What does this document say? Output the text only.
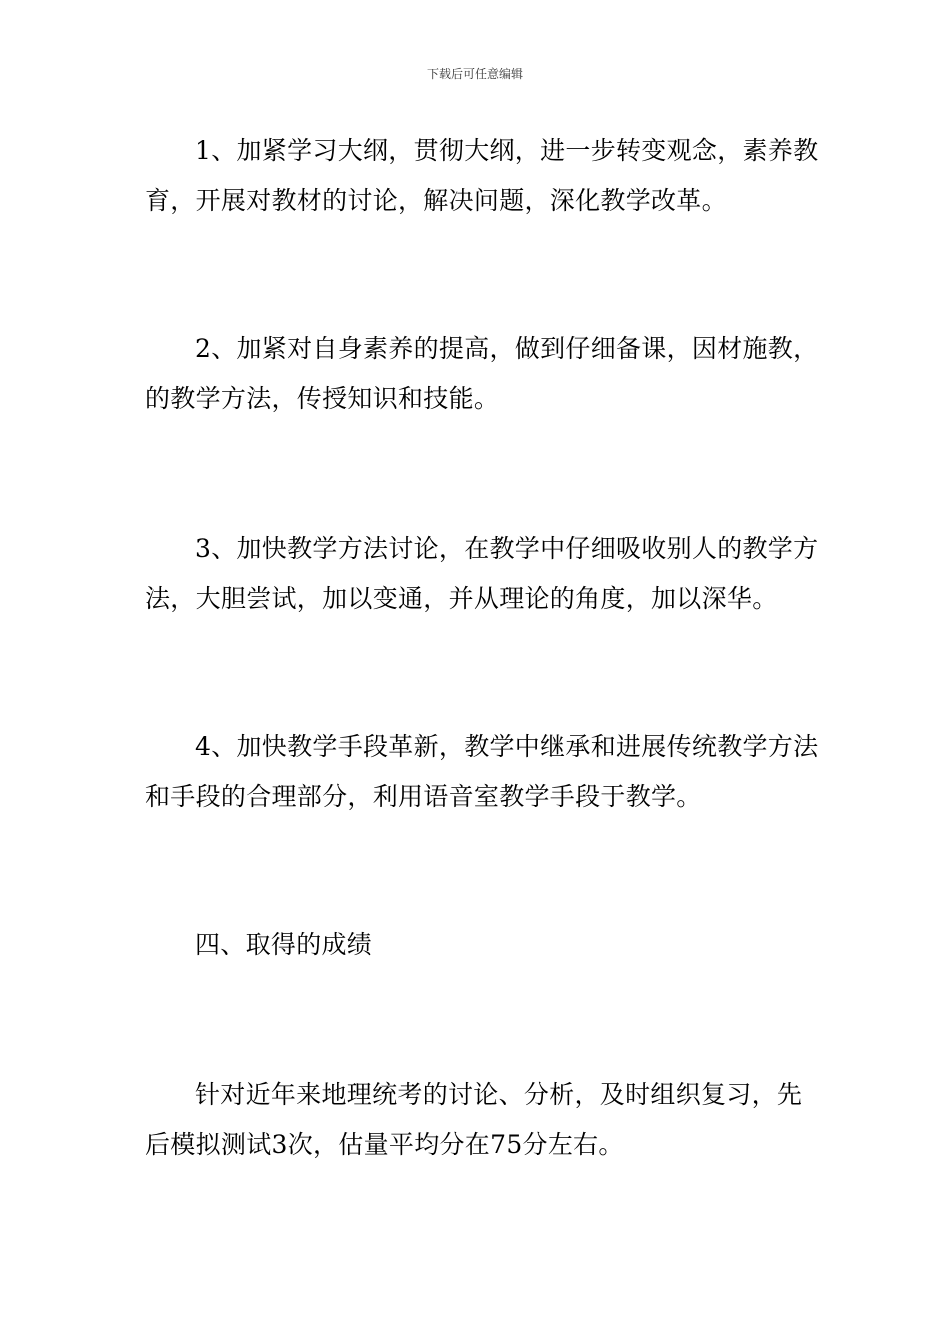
下载后可任意编辑

1、加紧学习大纲，贯彻大纲，进一步转变观念，素养教育，开展对教材的讨论，解决问题，深化教学改革。

2、加紧对自身素养的提高，做到仔细备课，因材施教，的教学方法，传授知识和技能。

3、加快教学方法讨论，在教学中仔细吸收别人的教学方法，大胆尝试，加以变通，并从理论的角度，加以深华。

4、加快教学手段革新，教学中继承和进展传统教学方法和手段的合理部分，利用语音室教学手段于教学。

四、取得的成绩

针对近年来地理统考的讨论、分析，及时组织复习，先后模拟测试3次，估量平均分在75分左右。
